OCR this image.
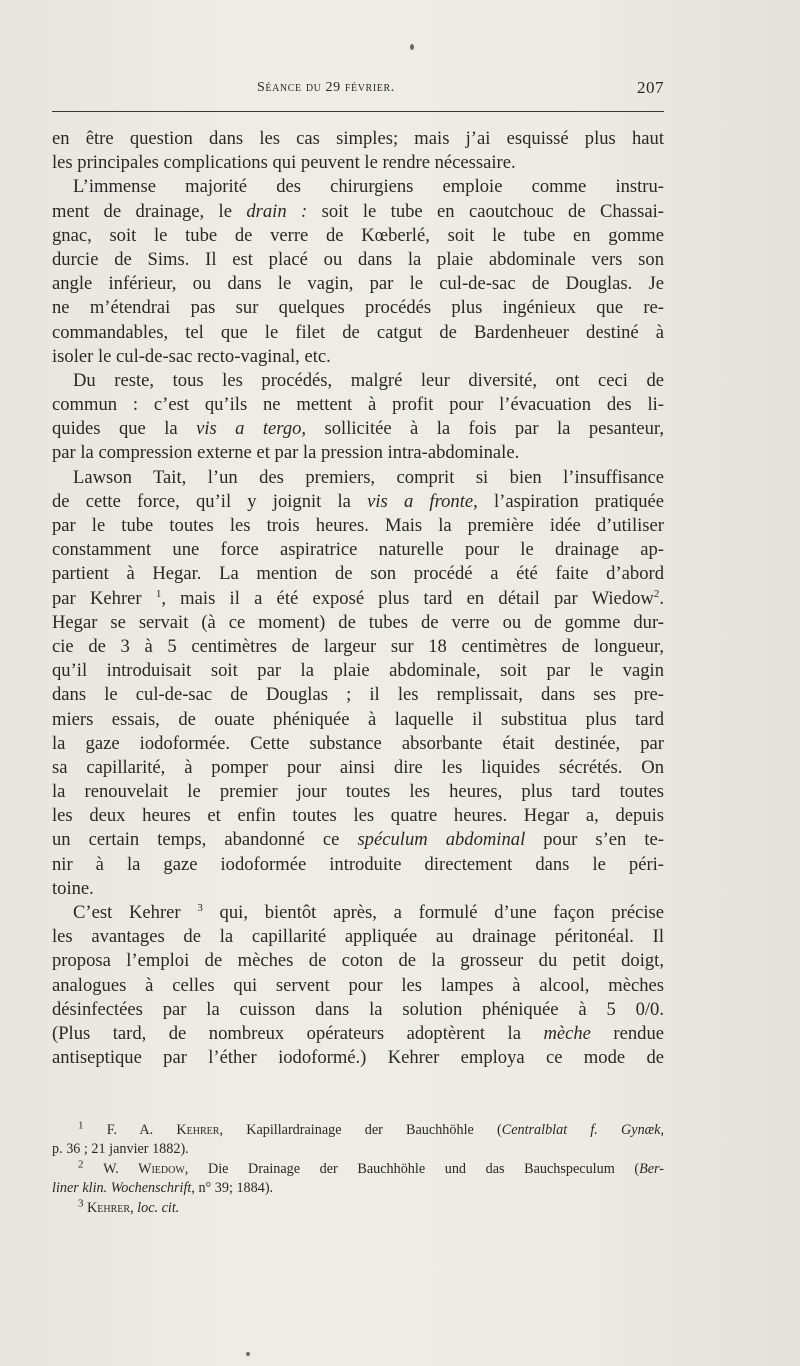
Séance du 29 février.	207
en être question dans les cas simples; mais j’ai esquissé plus haut
les principales complications qui peuvent le rendre nécessaire.
L’immense majorité des chirurgiens emploie comme instru-
ment de drainage, le drain : soit le tube en caoutchouc de Chassai-
gnac, soit le tube de verre de Kœberlé, soit le tube en gomme
durcie de Sims. Il est placé ou dans la plaie abdominale vers son
angle inférieur, ou dans le vagin, par le cul-de-sac de Douglas. Je
ne m’étendrai pas sur quelques procédés plus ingénieux que re-
commandables, tel que le filet de catgut de Bardenheuer destiné à
isoler le cul-de-sac recto-vaginal, etc.
Du reste, tous les procédés, malgré leur diversité, ont ceci de
commun : c’est qu’ils ne mettent à profit pour l’évacuation des li-
quides que la vis a tergo, sollicitée à la fois par la pesanteur,
par la compression externe et par la pression intra-abdominale.
Lawson Tait, l’un des premiers, comprit si bien l’insuffisance
de cette force, qu’il y joignit la vis a fronte, l’aspiration pratiquée
par le tube toutes les trois heures. Mais la première idée d’utiliser
constamment une force aspiratrice naturelle pour le drainage ap-
partient à Hegar. La mention de son procédé a été faite d’abord
par Kehrer $^1$, mais il a été exposé plus tard en détail par Wiedow$^2$.
Hegar se servait (à ce moment) de tubes de verre ou de gomme dur-
cie de 3 à 5 centimètres de largeur sur 18 centimètres de longueur,
qu’il introduisait soit par la plaie abdominale, soit par le vagin
dans le cul-de-sac de Douglas ; il les remplissait, dans ses pre-
miers essais, de ouate phéniquée à laquelle il substitua plus tard
la gaze iodoformée. Cette substance absorbante était destinée, par
sa capillarité, à pomper pour ainsi dire les liquides sécrétés. On
la renouvelait le premier jour toutes les heures, plus tard toutes
les deux heures et enfin toutes les quatre heures. Hegar a, depuis
un certain temps, abandonné ce spéculum abdominal pour s’en te-
nir à la gaze iodoformée introduite directement dans le péri-
toine.
C’est Kehrer $^3$ qui, bientôt après, a formulé d’une façon précise
les avantages de la capillarité appliquée au drainage péritonéal. Il
proposa l’emploi de mèches de coton de la grosseur du petit doigt,
analogues à celles qui servent pour les lampes à alcool, mèches
désinfectées par la cuisson dans la solution phéniquée à 5 0/0.
(Plus tard, de nombreux opérateurs adoptèrent la mèche rendue
antiseptique par l’éther iodoformé.) Kehrer employa ce mode de
$^1$ F. A. Kehrer, Kapillardrainage der Bauchhöhle (Centralblat f. Gynæk,
p. 36 ; 21 janvier 1882).
$^2$ W. Wiedow, Die Drainage der Bauchhöhle und das Bauchspeculum (Ber-
liner klin. Wochenschrift, n° 39; 1884).
$^3$ Kehrer, loc. cit.
